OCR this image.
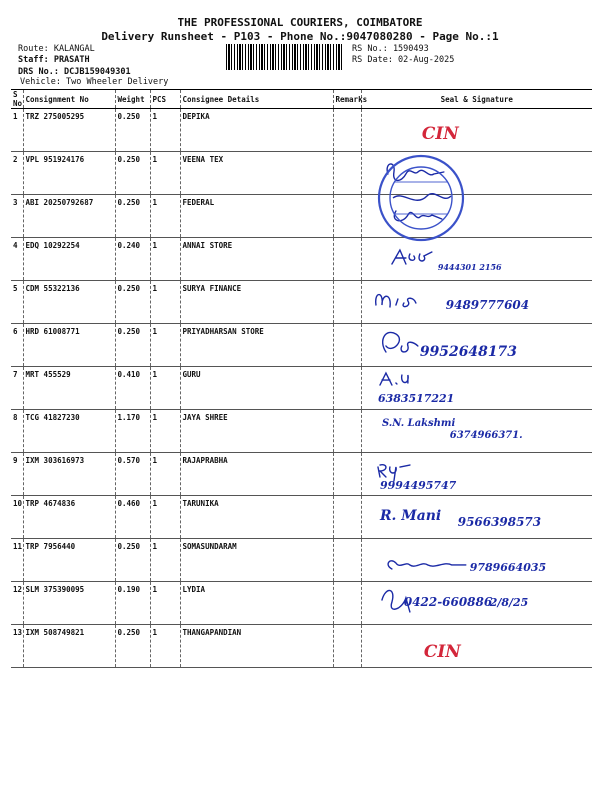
THE PROFESSIONAL COURIERS, COIMBATORE
Delivery Runsheet - P103 - Phone No.:9047080280 - Page No.:1
Route: KALANGAL
Staff: PRASATH
DRS No.: DCJB159049301
Vehicle: Two Wheeler Delivery
RS No.: 1590493
RS Date: 02-Aug-2025
S No	Consignment No	Weight	PCS	Consignee Details	Remarks	Seal & Signature
1	TRZ 275005295	0.250	1	DEPIKA		CIN

2	VPL 951924176	0.250	1	VEENA TEX		

3	ABI 20250792687	0.250	1	FEDERAL		

4	EDQ 10292254	0.240	1	ANNAI STORE		9444301 2156

5	CDM 55322136	0.250	1	SURYA FINANCE		9489777604

6	HRD 61008771	0.250	1	PRIYADHARSAN STORE		9952648173

7	MRT 455529	0.410	1	GURU		6383517221

8	TCG 41827230	1.170	1	JAYA SHREE		S.N. Lakshmi
6374966371.

9	IXM 303616973	0.570	1	RAJAPRABHA		9994495747

10	TRP 4674836	0.460	1	TARUNIKA		R. Mani 9566398573

11	TRP 7956440	0.250	1	SOMASUNDARAM		9789664035

12	SLM 375390095	0.190	1	LYDIA		0422-660886
2/8/25

13	IXM 508749821	0.250	1	THANGAPANDIAN		CIN
